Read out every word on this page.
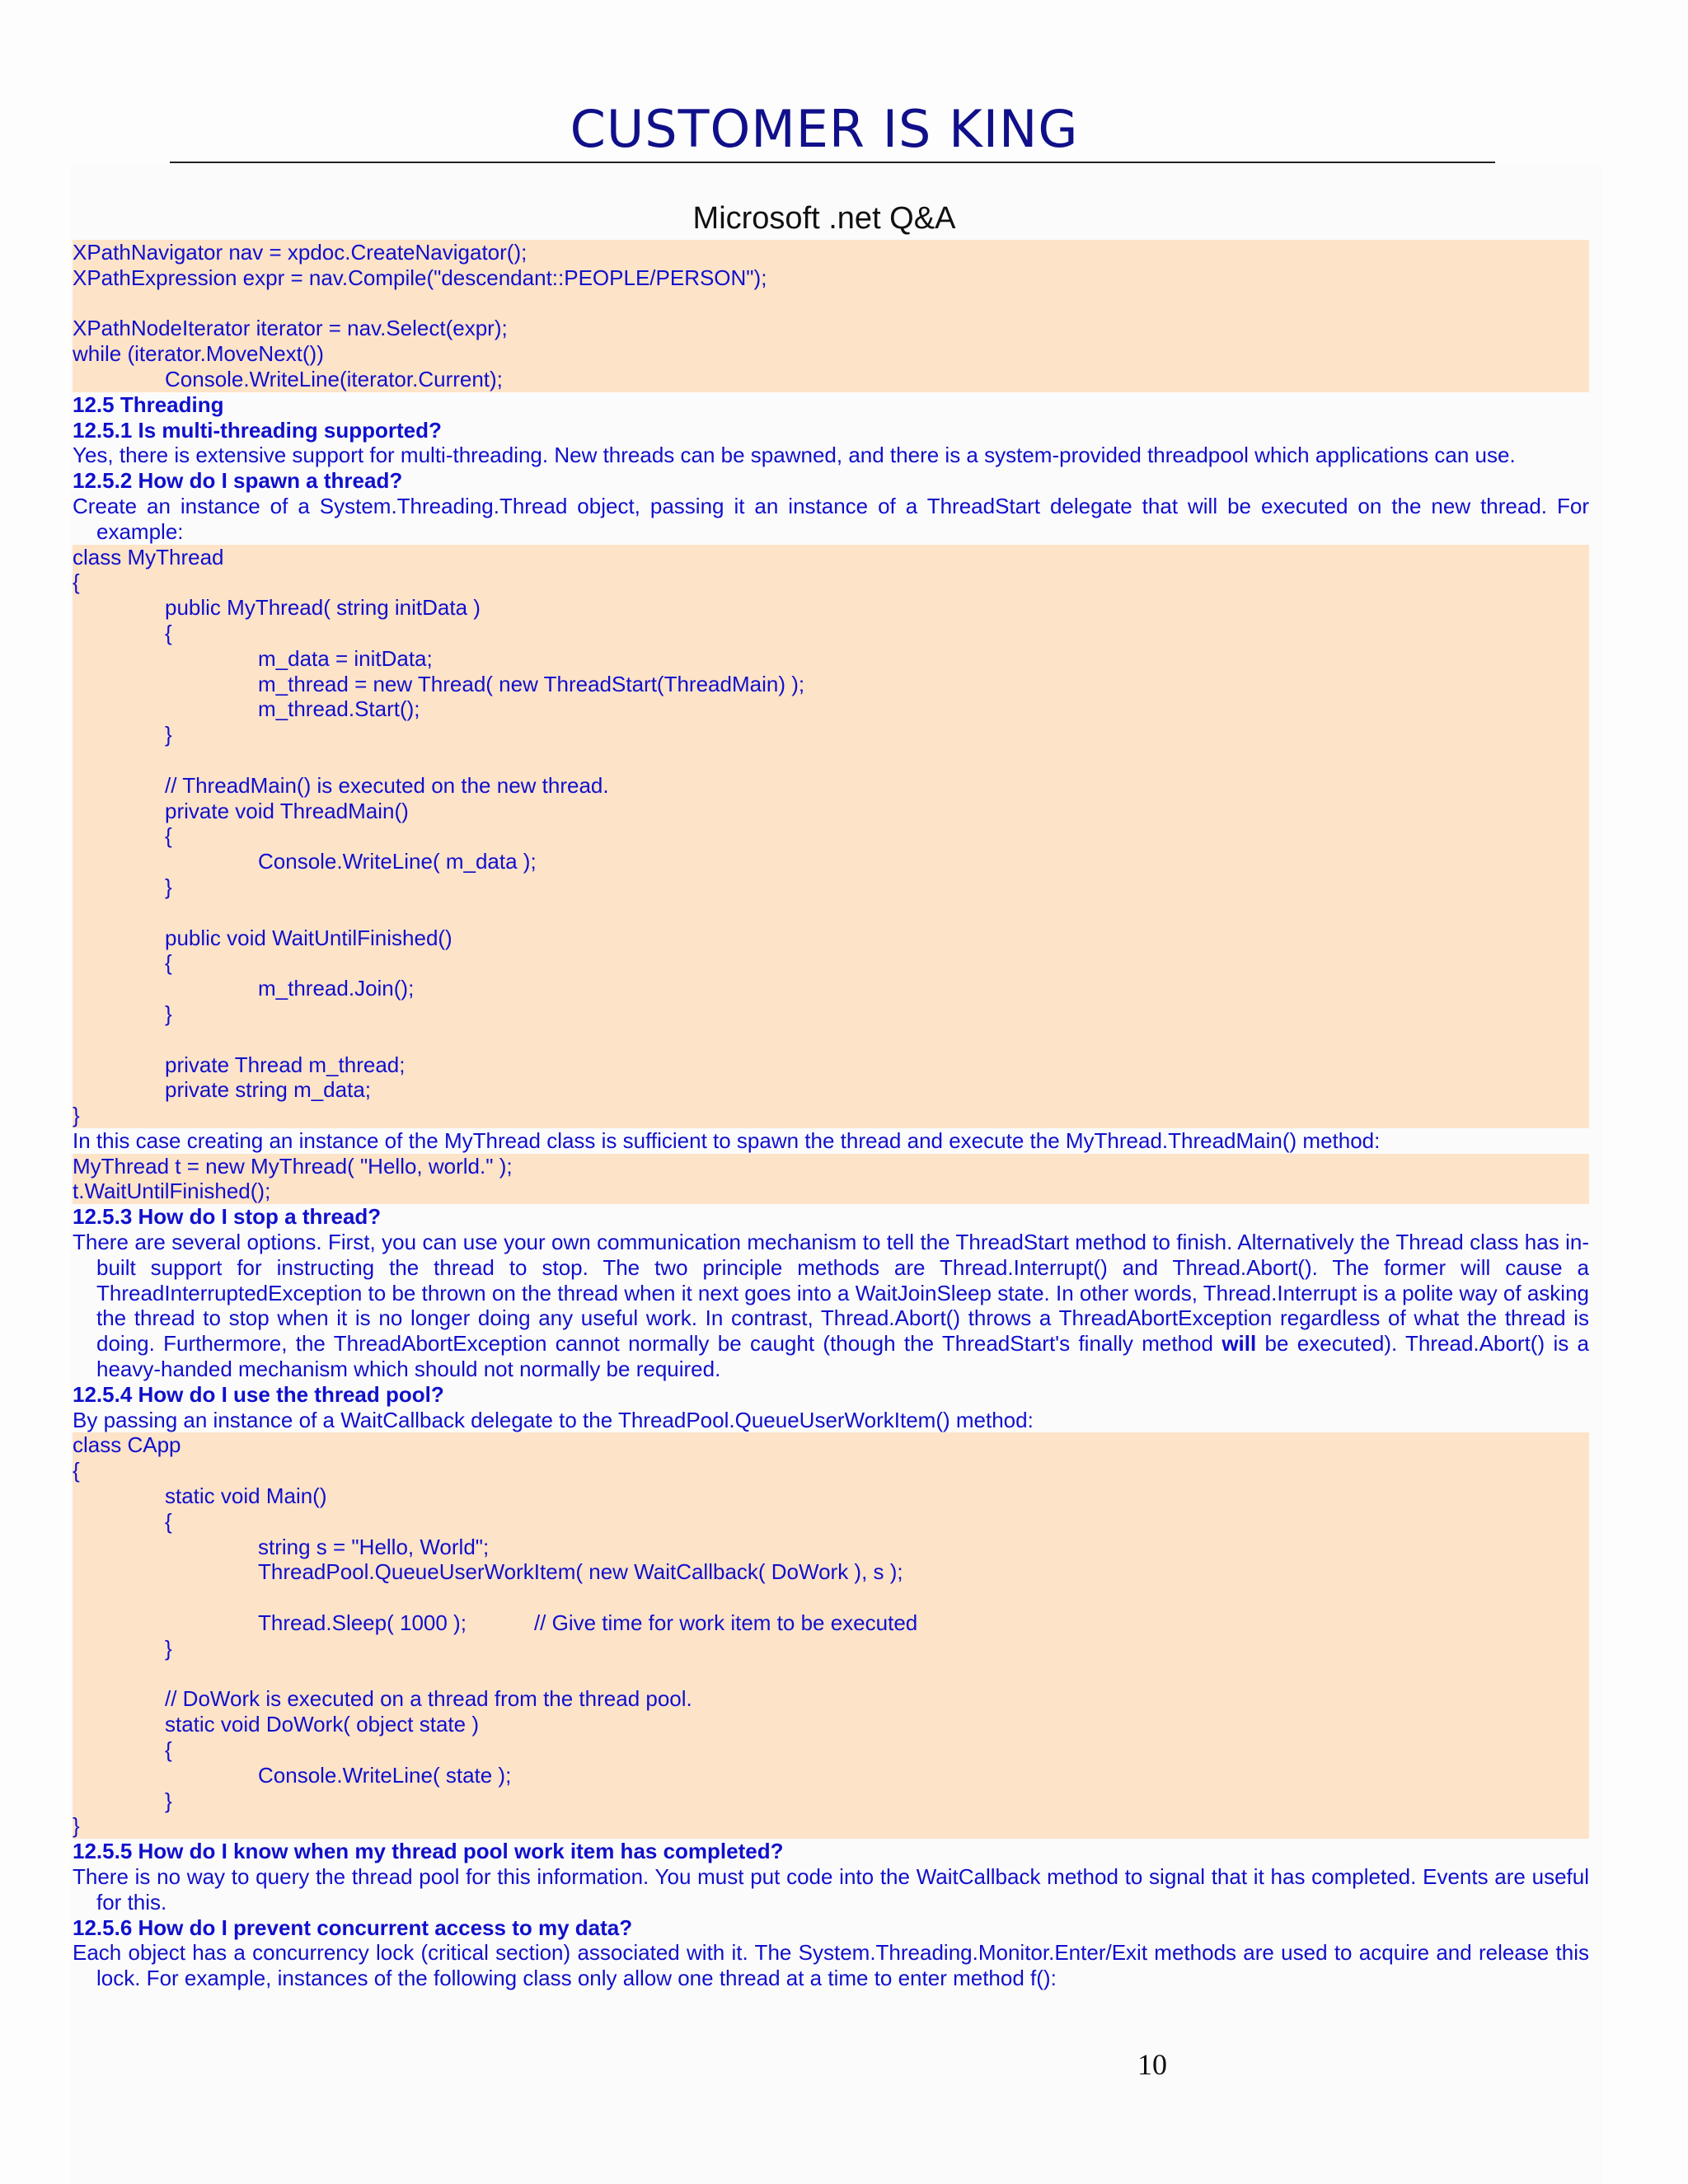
CUSTOMER IS KING
Microsoft .net Q&A
XPathNavigator nav = xpdoc.CreateNavigator();
XPathExpression expr = nav.Compile("descendant::PEOPLE/PERSON");
XPathNodeIterator iterator = nav.Select(expr);
while (iterator.MoveNext())
Console.WriteLine(iterator.Current);
12.5 Threading
12.5.1 Is multi-threading supported?
Yes, there is extensive support for multi-threading. New threads can be spawned, and there is a system-provided threadpool which applications can use.
12.5.2 How do I spawn a thread?
Create an instance of a System.Threading.Thread object, passing it an instance of a ThreadStart delegate that will be executed on the new thread. For example:
class MyThread
{
public MyThread( string initData )
{
m_data = initData;
m_thread = new Thread( new ThreadStart(ThreadMain) );
m_thread.Start();
}
// ThreadMain() is executed on the new thread.
private void ThreadMain()
{
Console.WriteLine( m_data );
}
public void WaitUntilFinished()
{
m_thread.Join();
}
private Thread m_thread;
private string m_data;
}
In this case creating an instance of the MyThread class is sufficient to spawn the thread and execute the MyThread.ThreadMain() method:
MyThread t = new MyThread( "Hello, world." );
t.WaitUntilFinished();
12.5.3 How do I stop a thread?
There are several options. First, you can use your own communication mechanism to tell the ThreadStart method to finish. Alternatively the Thread class has in-built support for instructing the thread to stop. The two principle methods are Thread.Interrupt() and Thread.Abort(). The former will cause a ThreadInterruptedException to be thrown on the thread when it next goes into a WaitJoinSleep state. In other words, Thread.Interrupt is a polite way of asking the thread to stop when it is no longer doing any useful work. In contrast, Thread.Abort() throws a ThreadAbortException regardless of what the thread is doing. Furthermore, the ThreadAbortException cannot normally be caught (though the ThreadStart's finally method will be executed). Thread.Abort() is a heavy-handed mechanism which should not normally be required.
12.5.4 How do I use the thread pool?
By passing an instance of a WaitCallback delegate to the ThreadPool.QueueUserWorkItem() method:
class CApp
{
static void Main()
{
string s = "Hello, World";
ThreadPool.QueueUserWorkItem( new WaitCallback( DoWork ), s );
Thread.Sleep( 1000 );	// Give time for work item to be executed
}
// DoWork is executed on a thread from the thread pool.
static void DoWork( object state )
{
Console.WriteLine( state );
}
}
12.5.5 How do I know when my thread pool work item has completed?
There is no way to query the thread pool for this information. You must put code into the WaitCallback method to signal that it has completed. Events are useful for this.
12.5.6 How do I prevent concurrent access to my data?
Each object has a concurrency lock (critical section) associated with it. The System.Threading.Monitor.Enter/Exit methods are used to acquire and release this lock. For example, instances of the following class only allow one thread at a time to enter method f():
10
